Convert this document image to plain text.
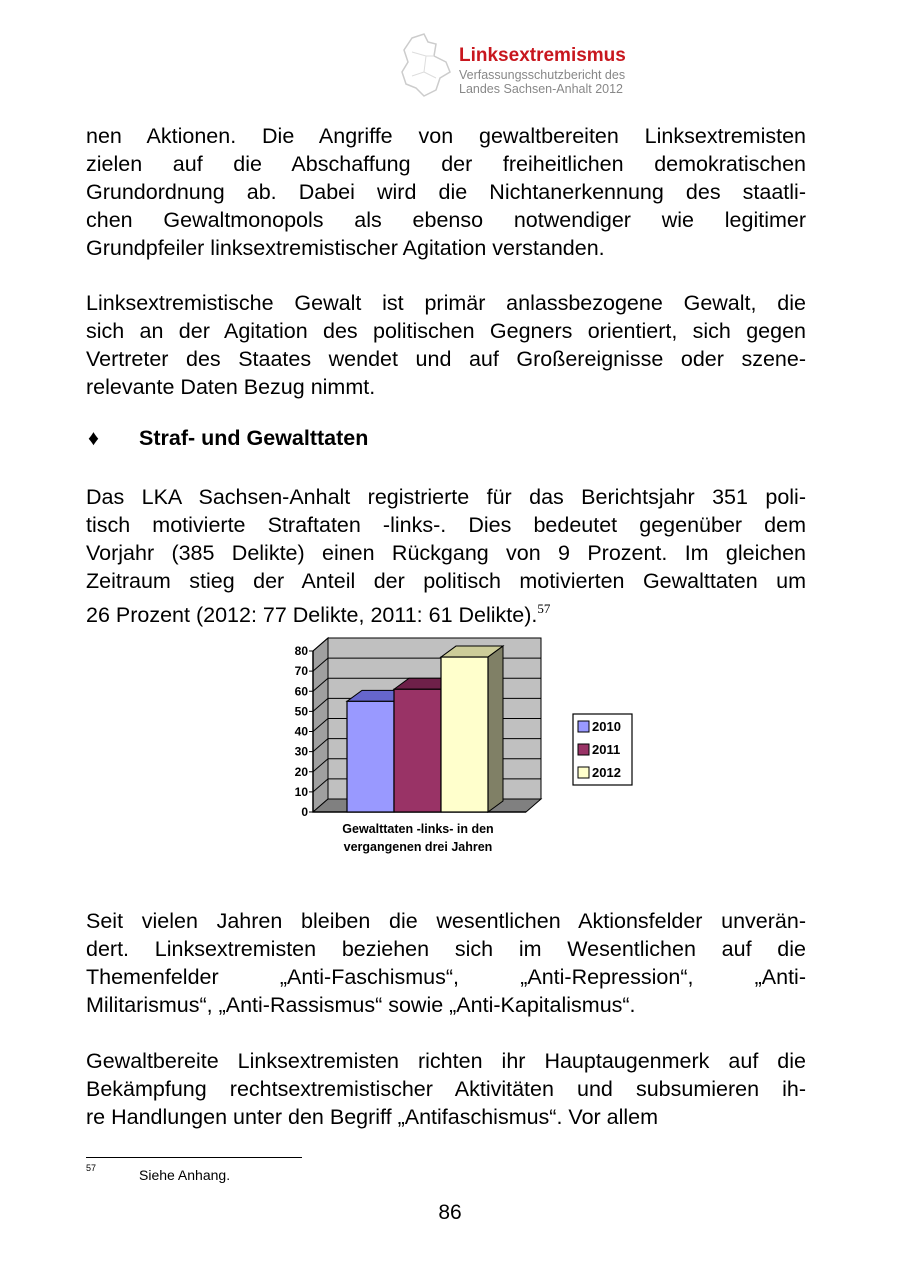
Linksextremismus
Verfassungsschutzbericht des
Landes Sachsen-Anhalt 2012
nen Aktionen. Die Angriffe von gewaltbereiten Linksextremisten
zielen auf die Abschaffung der freiheitlichen demokratischen
Grundordnung ab. Dabei wird die Nichtanerkennung des staatli-
chen Gewaltmonopols als ebenso notwendiger wie legitimer
Grundpfeiler linksextremistischer Agitation verstanden.
Linksextremistische Gewalt ist primär anlassbezogene Gewalt, die
sich an der Agitation des politischen Gegners orientiert, sich gegen
Vertreter des Staates wendet und auf Großereignisse oder szene-
relevante Daten Bezug nimmt.
Das LKA Sachsen-Anhalt registrierte für das Berichtsjahr 351 poli-
tisch motivierte Straftaten -links-. Dies bedeutet gegenüber dem
Vorjahr (385 Delikte) einen Rückgang von 9 Prozent. Im gleichen
Zeitraum stieg der Anteil der politisch motivierten Gewalttaten um
26 Prozent (2012: 77 Delikte, 2011: 61 Delikte).$^{57}$
Seit vielen Jahren bleiben die wesentlichen Aktionsfelder unverän-
dert. Linksextremisten beziehen sich im Wesentlichen auf die
Themenfelder „Anti-Faschismus“, „Anti-Repression“, „Anti-
Militarismus“, „Anti-Rassismus“ sowie „Anti-Kapitalismus“.
Gewaltbereite Linksextremisten richten ihr Hauptaugenmerk auf die
Bekämpfung rechtsextremistischer Aktivitäten und subsumieren ih-
re Handlungen unter den Begriff „Antifaschismus“. Vor allem
♦ Straf- und Gewalttaten
0
10
20
30
40
50
60
70
80
Gewalttaten -links- in den
vergangenen drei Jahren
2010
2011
2012
57	Siehe Anhang.
86
